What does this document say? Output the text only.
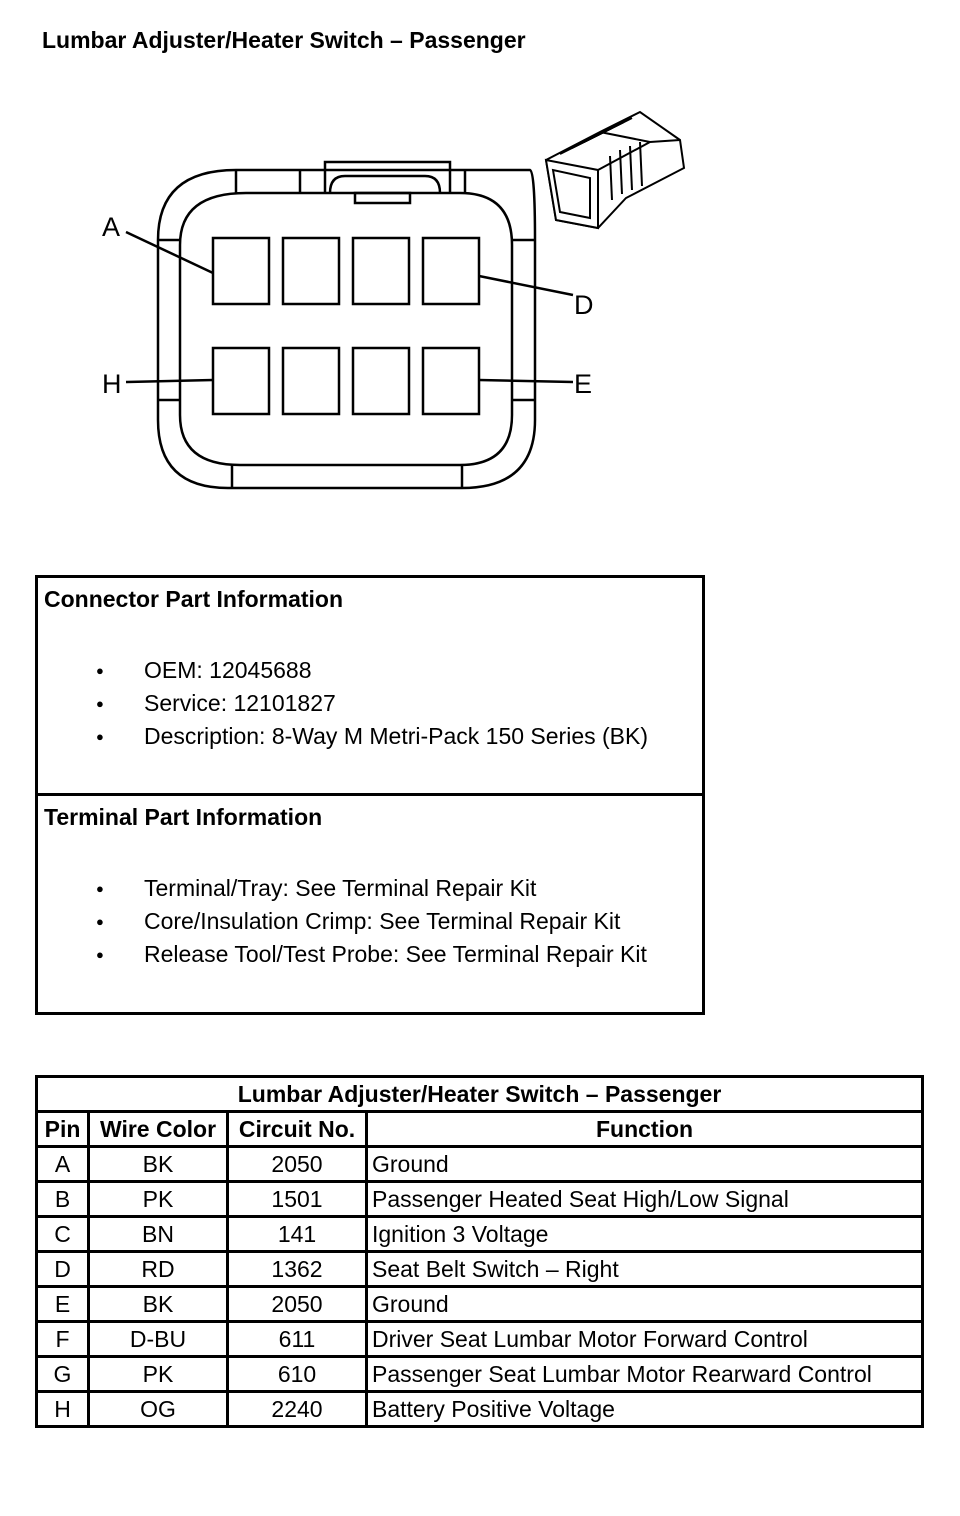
Lumbar Adjuster/Heater Switch – Passenger
A
D
H	E
Connector Part Information
● OEM: 12045688
● Service: 12101827
● Description: 8-Way M Metri-Pack 150 Series (BK)
Terminal Part Information
● Terminal/Tray: See Terminal Repair Kit
● Core/Insulation Crimp: See Terminal Repair Kit
● Release Tool/Test Probe: See Terminal Repair Kit
Lumbar Adjuster/Heater Switch – Passenger			
Pin	Wire Color	Circuit No.	Function
A	BK	2050	Ground
B	PK	1501	Passenger Heated Seat High/Low Signal
C	BN	141	Ignition 3 Voltage
D	RD	1362	Seat Belt Switch – Right
E	BK	2050	Ground
F	D-BU	611	Driver Seat Lumbar Motor Forward Control
G	PK	610	Passenger Seat Lumbar Motor Rearward Control
H	OG	2240	Battery Positive Voltage
